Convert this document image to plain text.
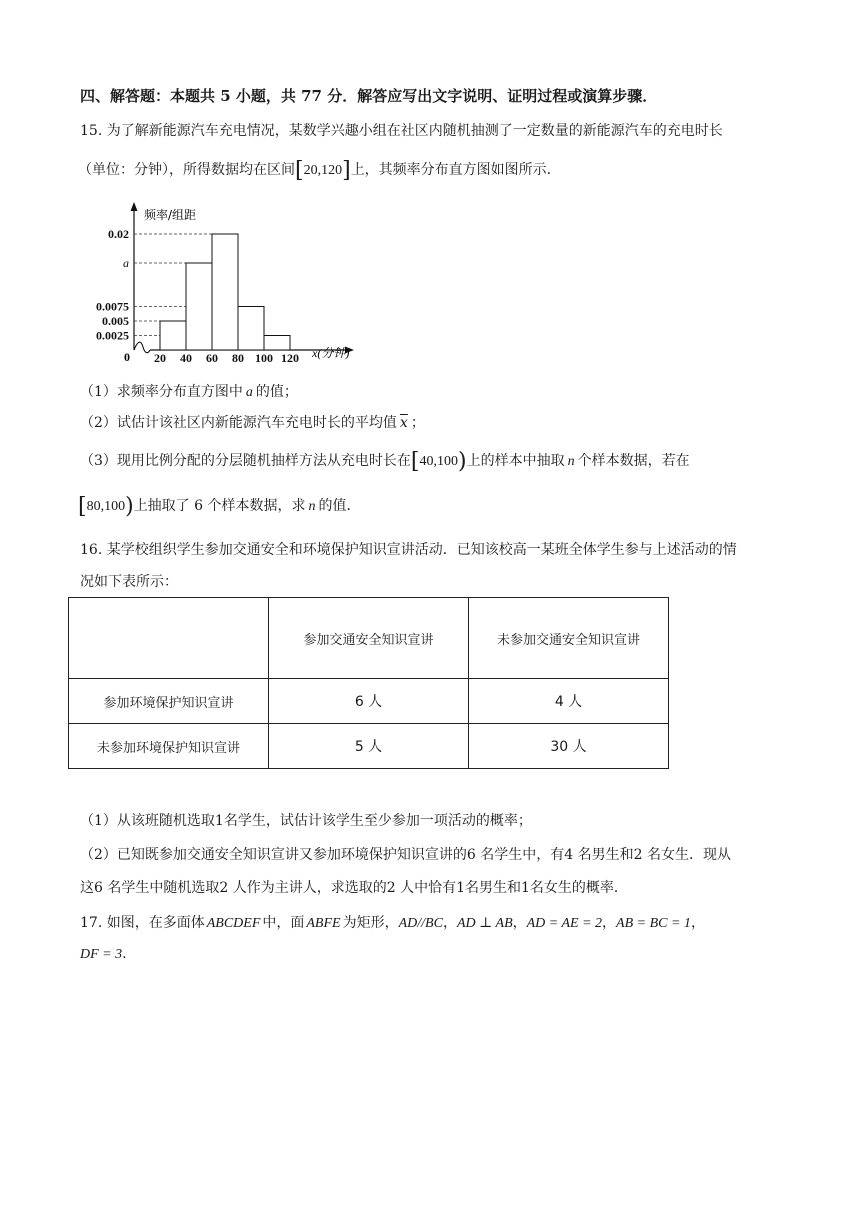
四、解答题：本题共 5 小题，共 77 分．解答应写出文字说明、证明过程或演算步骤．
15. 为了解新能源汽车充电情况，某数学兴趣小组在社区内随机抽测了一定数量的新能源汽车的充电时长
（单位：分钟），所得数据均在区间[20,120]上，其频率分布直方图如图所示．
0.0025
0.005
0.0075
a
0.02
20 40 60 80 100 120
0
频率/组距
x(分钟)
（1）求频率分布直方图中 a 的值；
（2）试估计该社区内新能源汽车充电时长的平均值 $\overline{x}$ ；
（3）现用比例分配的分层随机抽样方法从充电时长在[40,100)上的样本中抽取 n 个样本数据，若在
[80,100)上抽取了 6 个样本数据，求 n 的值．
16. 某学校组织学生参加交通安全和环境保护知识宣讲活动．已知该校高一某班全体学生参与上述活动的情
况如下表所示：
	参加交通安全知识宣讲	未参加交通安全知识宣讲
参加环境保护知识宣讲	6 人	4 人
未参加环境保护知识宣讲	5 人	30 人
（1）从该班随机选取1名学生，试估计该学生至少参加一项活动的概率；
（2）已知既参加交通安全知识宣讲又参加环境保护知识宣讲的6 名学生中，有4 名男生和2 名女生．现从
这6 名学生中随机选取2 人作为主讲人，求选取的2 人中恰有1名男生和1名女生的概率．
17. 如图，在多面体 ABCDEF 中，面 ABFE 为矩形，AD//BC，AD ⊥ AB，AD = AE = 2，AB = BC = 1，
DF = 3.
